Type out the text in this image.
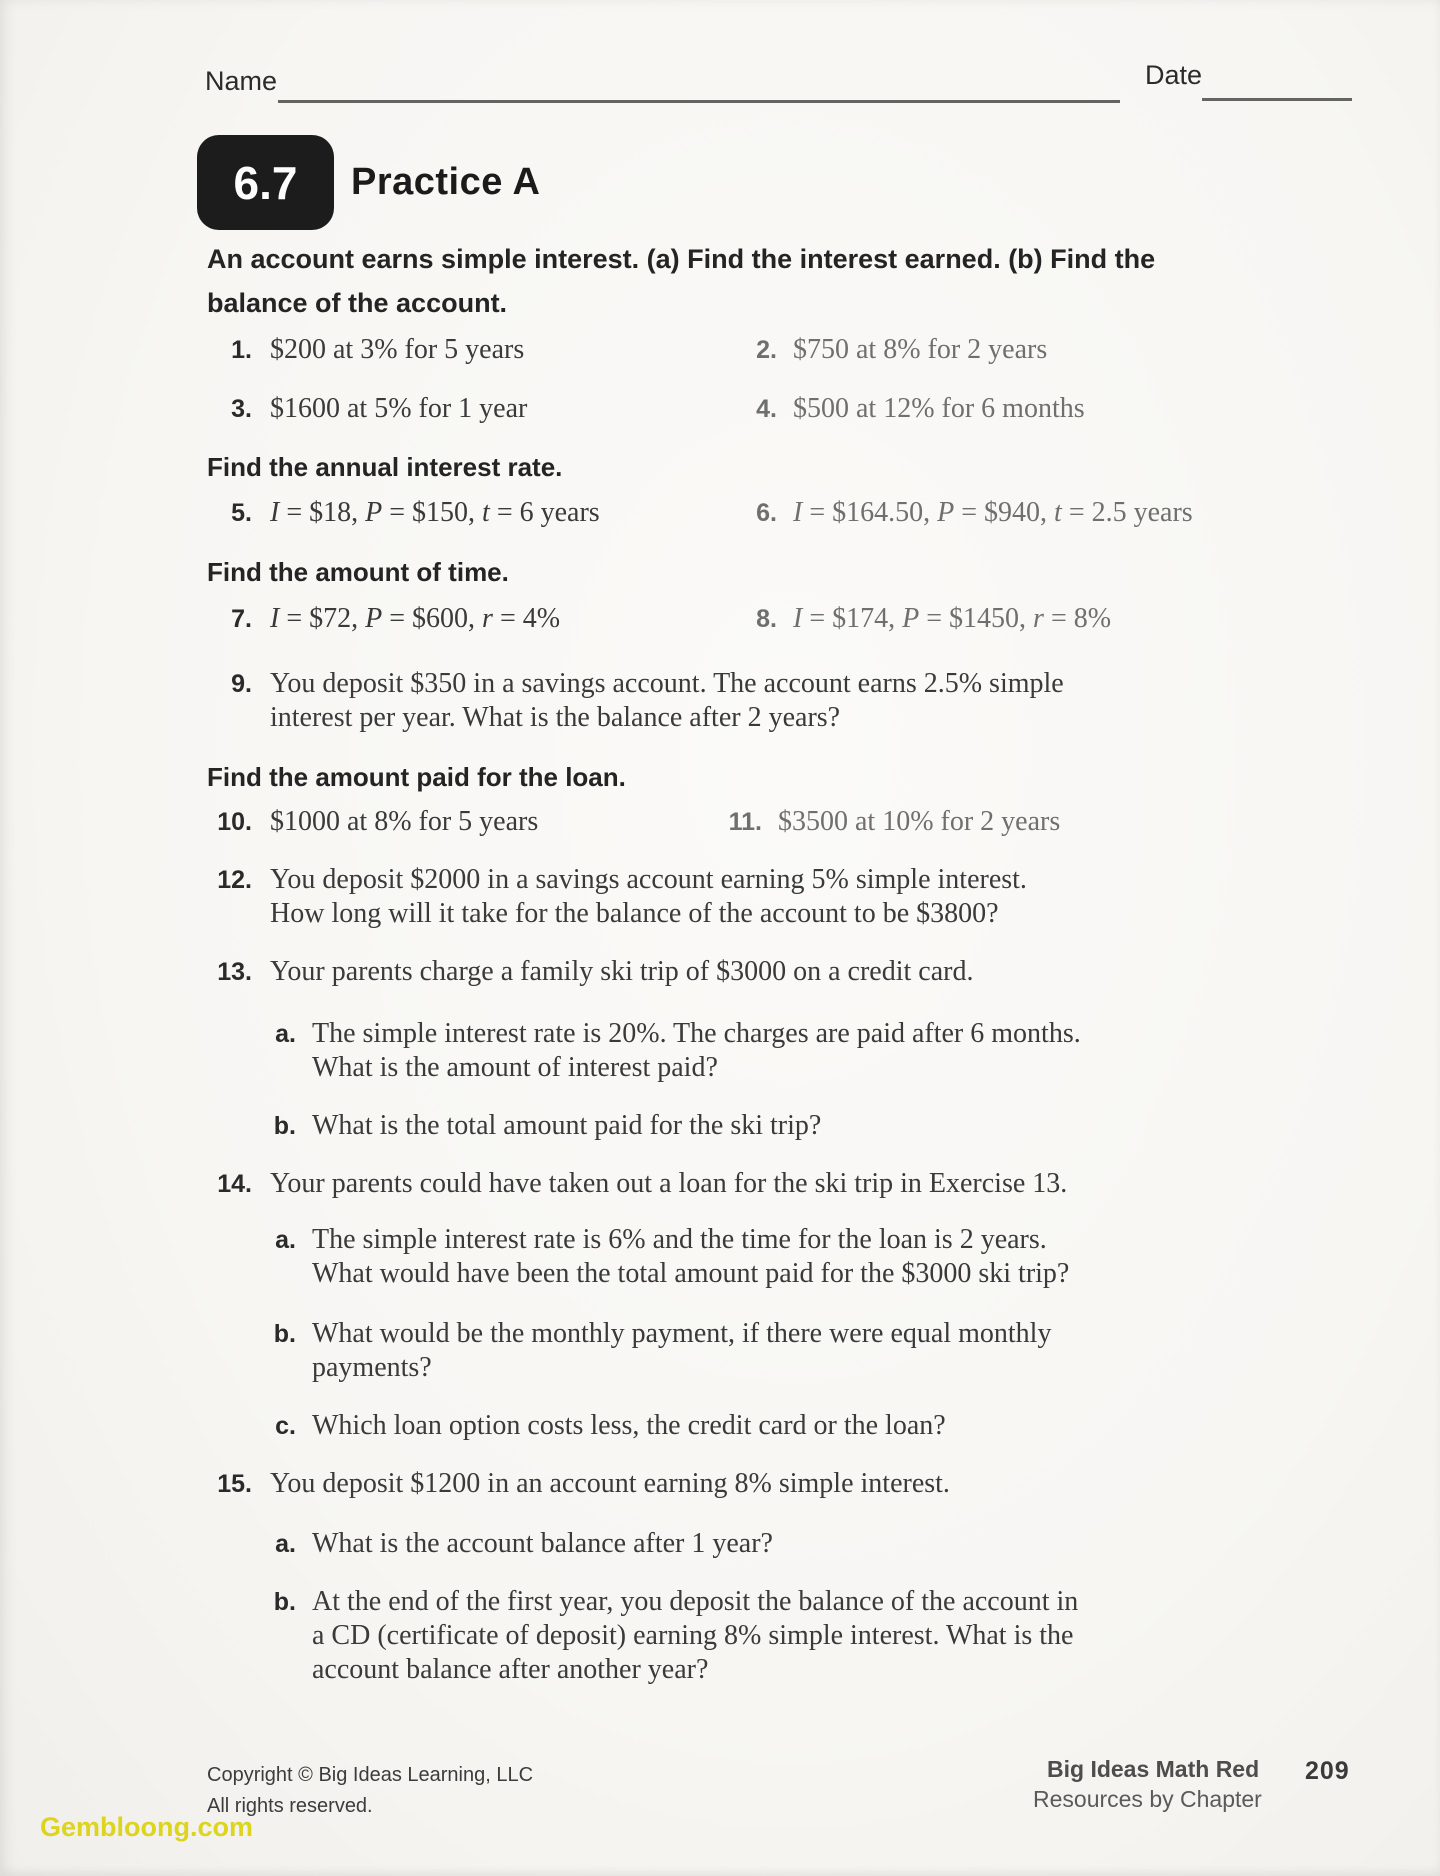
Name	Date
6.7	Practice A
An account earns simple interest. (a) Find the interest earned. (b) Find the
balance of the account.
1. $200 at 3% for 5 years	2. $750 at 8% for 2 years
3. $1600 at 5% for 1 year	4. $500 at 12% for 6 months
Find the annual interest rate.
5. I = $18, P = $150, t = 6 years	6. I = $164.50, P = $940, t = 2.5 years
Find the amount of time.
7. I = $72, P = $600, r = 4%	8. I = $174, P = $1450, r = 8%
9. You deposit $350 in a savings account. The account earns 2.5% simple
interest per year. What is the balance after 2 years?
Find the amount paid for the loan.
10. $1000 at 8% for 5 years	11. $3500 at 10% for 2 years
12. You deposit $2000 in a savings account earning 5% simple interest.
How long will it take for the balance of the account to be $3800?
13. Your parents charge a family ski trip of $3000 on a credit card.
a. The simple interest rate is 20%. The charges are paid after 6 months.
What is the amount of interest paid?
b. What is the total amount paid for the ski trip?
14. Your parents could have taken out a loan for the ski trip in Exercise 13.
a. The simple interest rate is 6% and the time for the loan is 2 years.
What would have been the total amount paid for the $3000 ski trip?
b. What would be the monthly payment, if there were equal monthly
payments?
c. Which loan option costs less, the credit card or the loan?
15. You deposit $1200 in an account earning 8% simple interest.
a. What is the account balance after 1 year?
b. At the end of the first year, you deposit the balance of the account in
a CD (certificate of deposit) earning 8% simple interest. What is the
account balance after another year?
Copyright © Big Ideas Learning, LLC
All rights reserved.
Big Ideas Math Red
Resources by Chapter
209
Gembloong.com
